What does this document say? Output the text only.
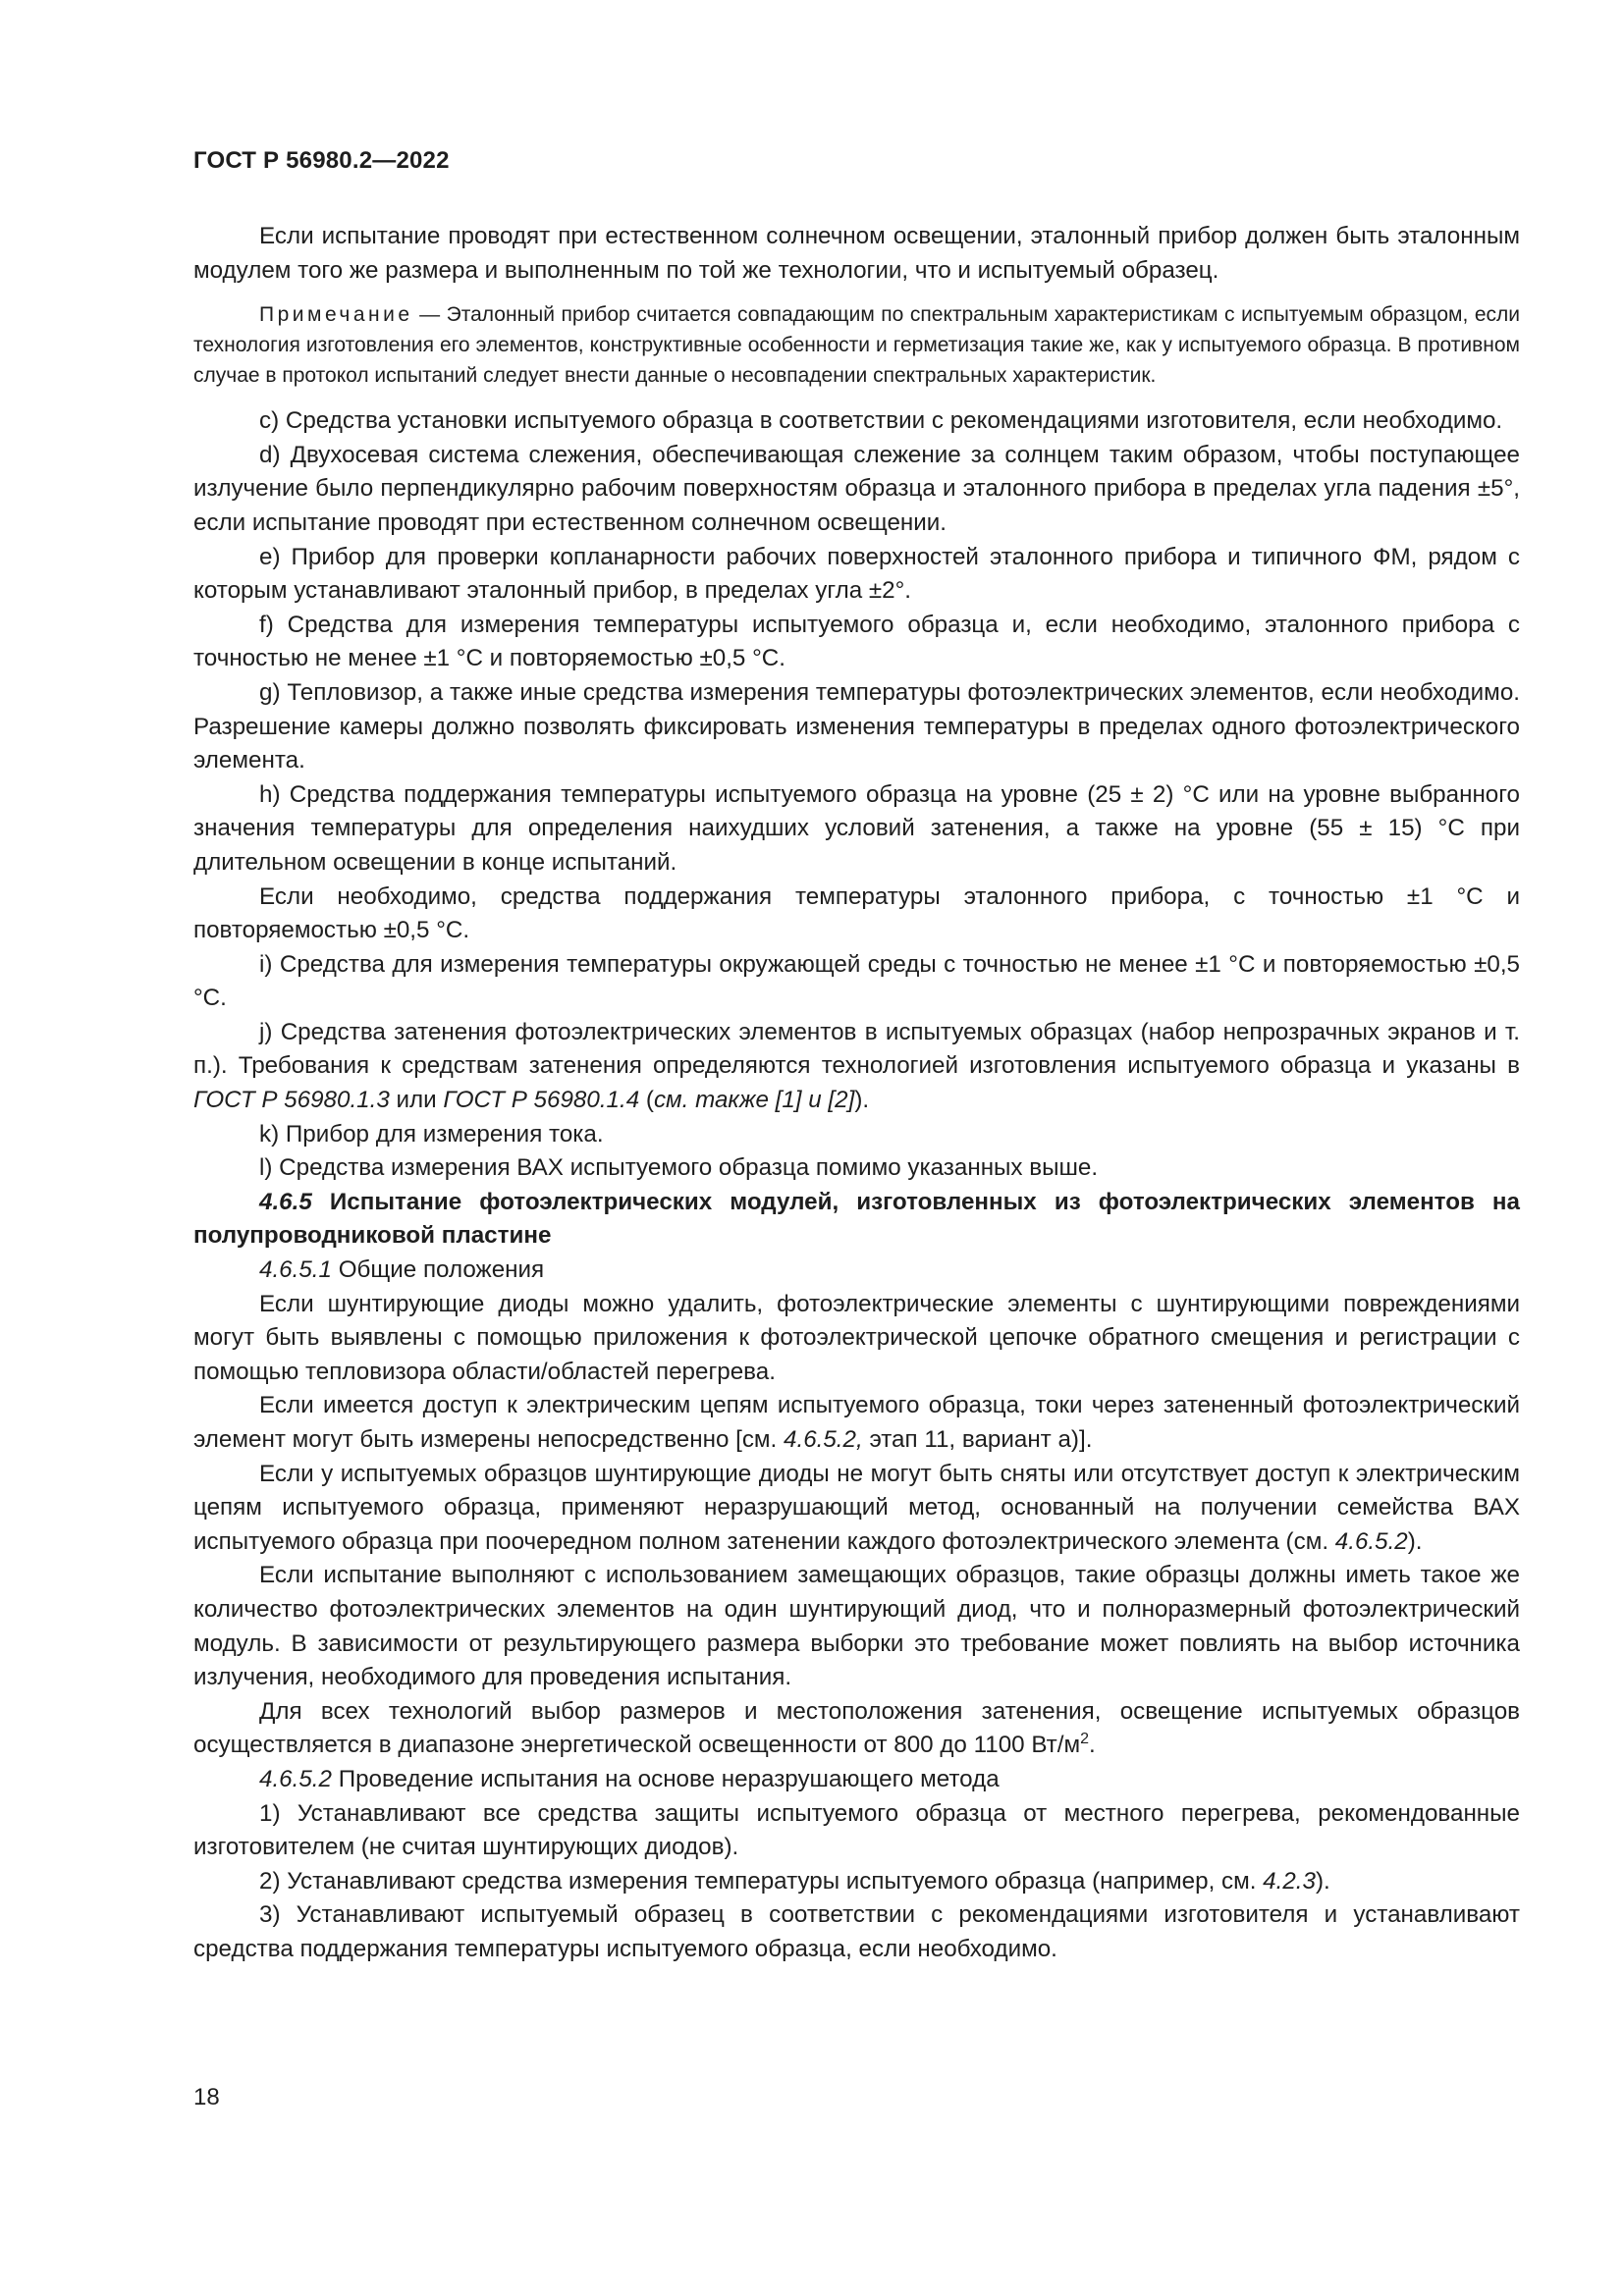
ГОСТ Р 56980.2—2022

Если испытание проводят при естественном солнечном освещении, эталонный прибор должен быть эталонным модулем того же размера и выполненным по той же технологии, что и испытуемый образец.

Примечание — Эталонный прибор считается совпадающим по спектральным характеристикам с испытуемым образцом, если технология изготовления его элементов, конструктивные особенности и герметизация такие же, как у испытуемого образца. В противном случае в протокол испытаний следует внести данные о несовпадении спектральных характеристик.

c) Средства установки испытуемого образца в соответствии с рекомендациями изготовителя, если необходимо.

d) Двухосевая система слежения, обеспечивающая слежение за солнцем таким образом, чтобы поступающее излучение было перпендикулярно рабочим поверхностям образца и эталонного прибора в пределах угла падения ±5°, если испытание проводят при естественном солнечном освещении.

e) Прибор для проверки копланарности рабочих поверхностей эталонного прибора и типичного ФМ, рядом с которым устанавливают эталонный прибор, в пределах угла ±2°.

f) Средства для измерения температуры испытуемого образца и, если необходимо, эталонного прибора с точностью не менее ±1 °C и повторяемостью ±0,5 °C.

g) Тепловизор, а также иные средства измерения температуры фотоэлектрических элементов, если необходимо. Разрешение камеры должно позволять фиксировать изменения температуры в пределах одного фотоэлектрического элемента.

h) Средства поддержания температуры испытуемого образца на уровне (25 ± 2) °C или на уровне выбранного значения температуры для определения наихудших условий затенения, а также на уровне (55 ± 15) °C при длительном освещении в конце испытаний.

Если необходимо, средства поддержания температуры эталонного прибора, с точностью ±1 °C и повторяемостью ±0,5 °C.

i) Средства для измерения температуры окружающей среды с точностью не менее ±1 °C и повторяемостью ±0,5 °C.

j) Средства затенения фотоэлектрических элементов в испытуемых образцах (набор непрозрачных экранов и т. п.). Требования к средствам затенения определяются технологией изготовления испытуемого образца и указаны в ГОСТ Р 56980.1.3 или ГОСТ Р 56980.1.4 (см. также [1] и [2]).

k) Прибор для измерения тока.

l) Средства измерения ВАХ испытуемого образца помимо указанных выше.

4.6.5 Испытание фотоэлектрических модулей, изготовленных из фотоэлектрических элементов на полупроводниковой пластине

4.6.5.1 Общие положения

Если шунтирующие диоды можно удалить, фотоэлектрические элементы с шунтирующими повреждениями могут быть выявлены с помощью приложения к фотоэлектрической цепочке обратного смещения и регистрации с помощью тепловизора области/областей перегрева.

Если имеется доступ к электрическим цепям испытуемого образца, токи через затененный фотоэлектрический элемент могут быть измерены непосредственно [см. 4.6.5.2, этап 11, вариант а)].

Если у испытуемых образцов шунтирующие диоды не могут быть сняты или отсутствует доступ к электрическим цепям испытуемого образца, применяют неразрушающий метод, основанный на получении семейства ВАХ испытуемого образца при поочередном полном затенении каждого фотоэлектрического элемента (см. 4.6.5.2).

Если испытание выполняют с использованием замещающих образцов, такие образцы должны иметь такое же количество фотоэлектрических элементов на один шунтирующий диод, что и полноразмерный фотоэлектрический модуль. В зависимости от результирующего размера выборки это требование может повлиять на выбор источника излучения, необходимого для проведения испытания.

Для всех технологий выбор размеров и местоположения затенения, освещение испытуемых образцов осуществляется в диапазоне энергетической освещенности от 800 до 1100 $Вт/м^2$.

4.6.5.2 Проведение испытания на основе неразрушающего метода

1) Устанавливают все средства защиты испытуемого образца от местного перегрева, рекомендованные изготовителем (не считая шунтирующих диодов).

2) Устанавливают средства измерения температуры испытуемого образца (например, см. 4.2.3).

3) Устанавливают испытуемый образец в соответствии с рекомендациями изготовителя и устанавливают средства поддержания температуры испытуемого образца, если необходимо.

18
